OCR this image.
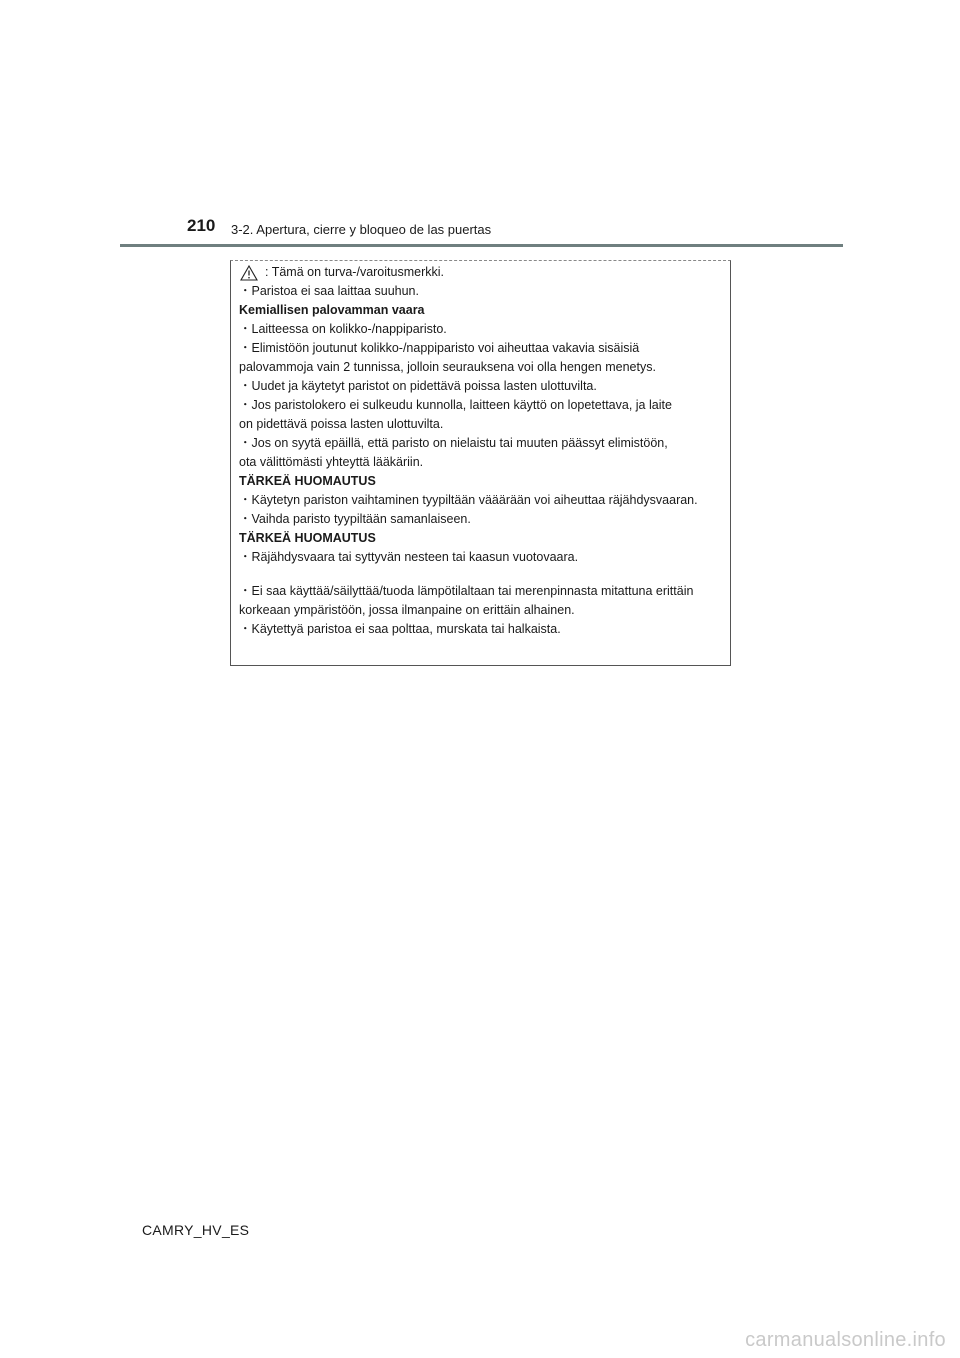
210 3-2. Apertura, cierre y bloqueo de las puertas
: Tämä on turva-/varoitusmerkki.
・Paristoa ei saa laittaa suuhun.
Kemiallisen palovamman vaara
・Laitteessa on kolikko-/nappiparisto.
・Elimistöön joutunut kolikko-/nappiparisto voi aiheuttaa vakavia sisäisiä
palovammoja vain 2 tunnissa, jolloin seurauksena voi olla hengen menetys.
・Uudet ja käytetyt paristot on pidettävä poissa lasten ulottuvilta.
・Jos paristolokero ei sulkeudu kunnolla, laitteen käyttö on lopetettava, ja laite
on pidettävä poissa lasten ulottuvilta.
・Jos on syytä epäillä, että paristo on nielaistu tai muuten päässyt elimistöön,
ota välittömästi yhteyttä lääkäriin.
TÄRKEÄ HUOMAUTUS
・Käytetyn pariston vaihtaminen tyypiltään vääärään voi aiheuttaa räjähdysvaaran.
・Vaihda paristo tyypiltään samanlaiseen.
TÄRKEÄ HUOMAUTUS
・Räjähdysvaara tai syttyvän nesteen tai kaasun vuotovaara.
・Ei saa käyttää/säilyttää/tuoda lämpötilaltaan tai merenpinnasta mitattuna erittäin
korkeaan ympäristöön, jossa ilmanpaine on erittäin alhainen.
・Käytettyä paristoa ei saa polttaa, murskata tai halkaista.
CAMRY_HV_ES
carmanualsonline.info
